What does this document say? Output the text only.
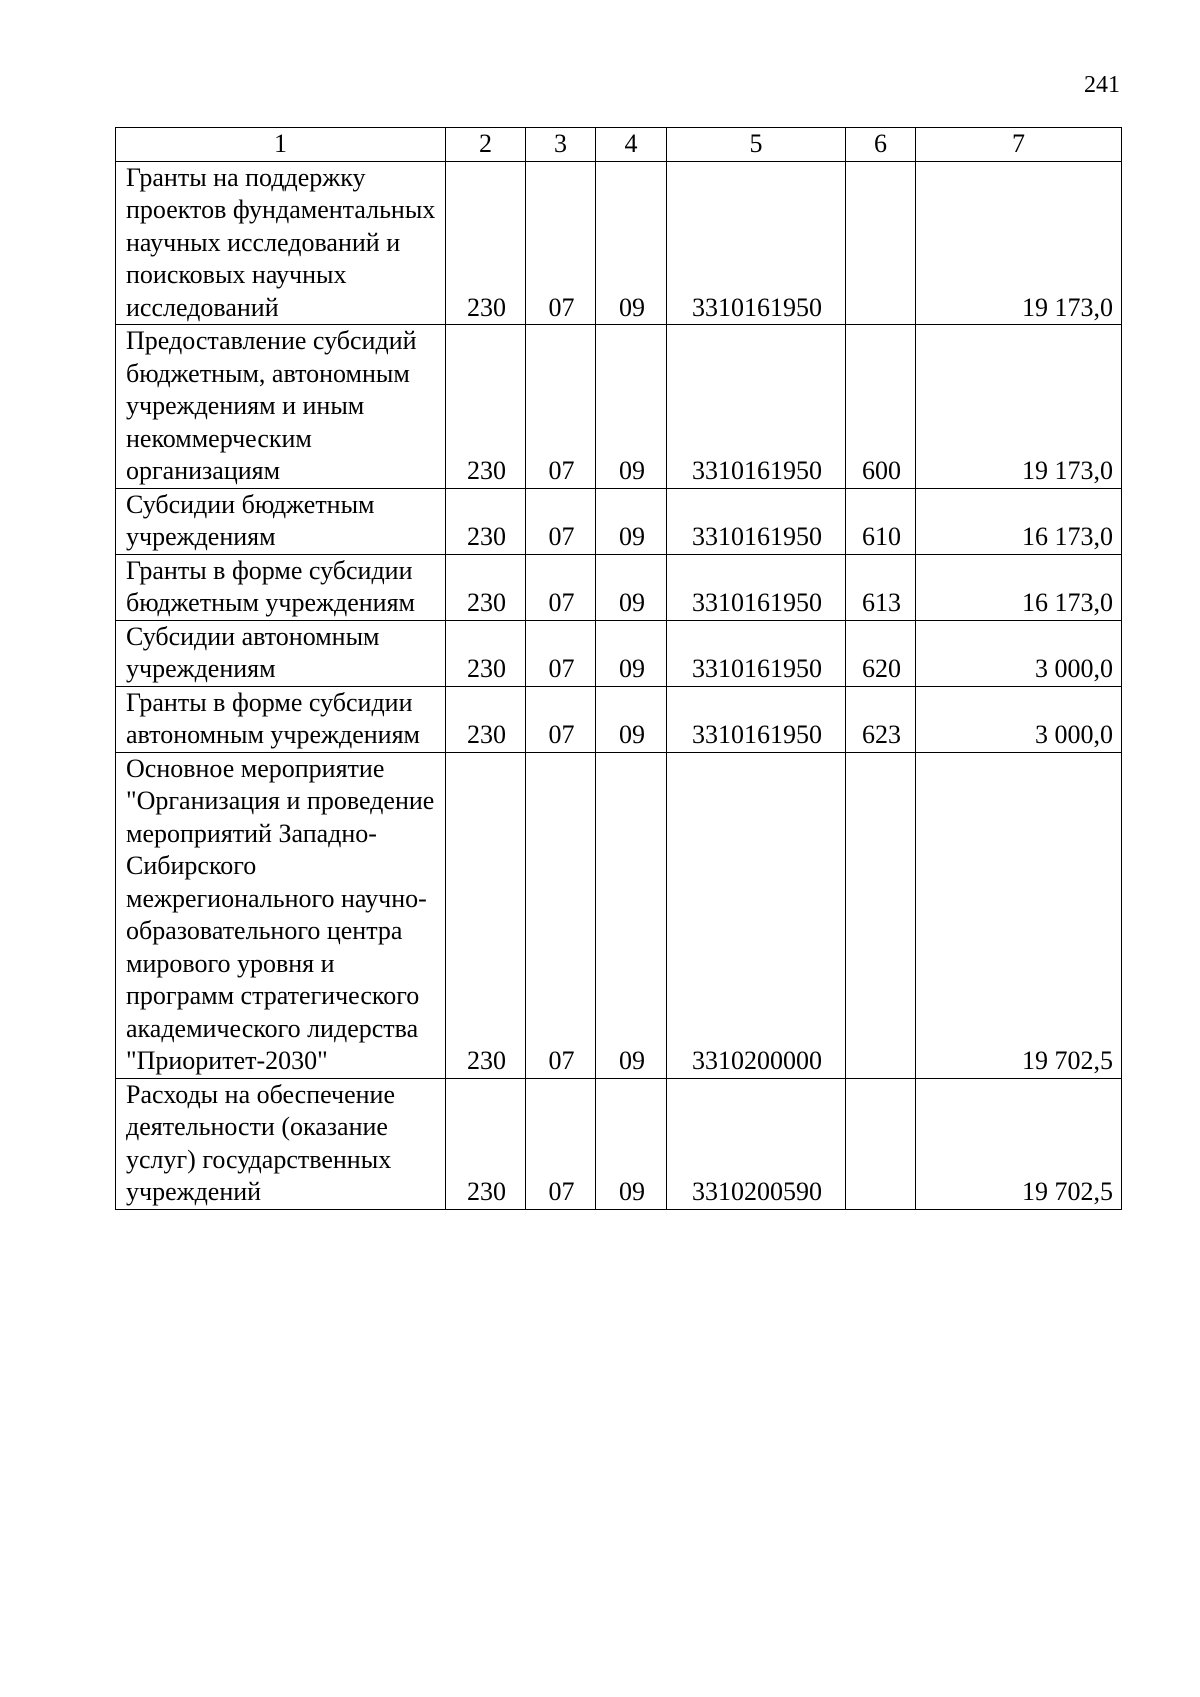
241
1	2	3	4	5	6	7
Гранты на поддержку проектов фундаментальных научных исследований и поисковых научных исследований	230	07	09	3310161950		19 173,0
Предоставление субсидий бюджетным, автономным учреждениям и иным некоммерческим организациям	230	07	09	3310161950	600	19 173,0
Субсидии бюджетным учреждениям	230	07	09	3310161950	610	16 173,0
Гранты в форме субсидии бюджетным учреждениям	230	07	09	3310161950	613	16 173,0
Субсидии автономным учреждениям	230	07	09	3310161950	620	3 000,0
Гранты в форме субсидии автономным учреждениям	230	07	09	3310161950	623	3 000,0
Основное мероприятие "Организация и проведение мероприятий Западно-Сибирского межрегионального научно-образовательного центра мирового уровня и программ стратегического академического лидерства "Приоритет-2030"	230	07	09	3310200000		19 702,5
Расходы на обеспечение деятельности (оказание услуг) государственных учреждений	230	07	09	3310200590		19 702,5
